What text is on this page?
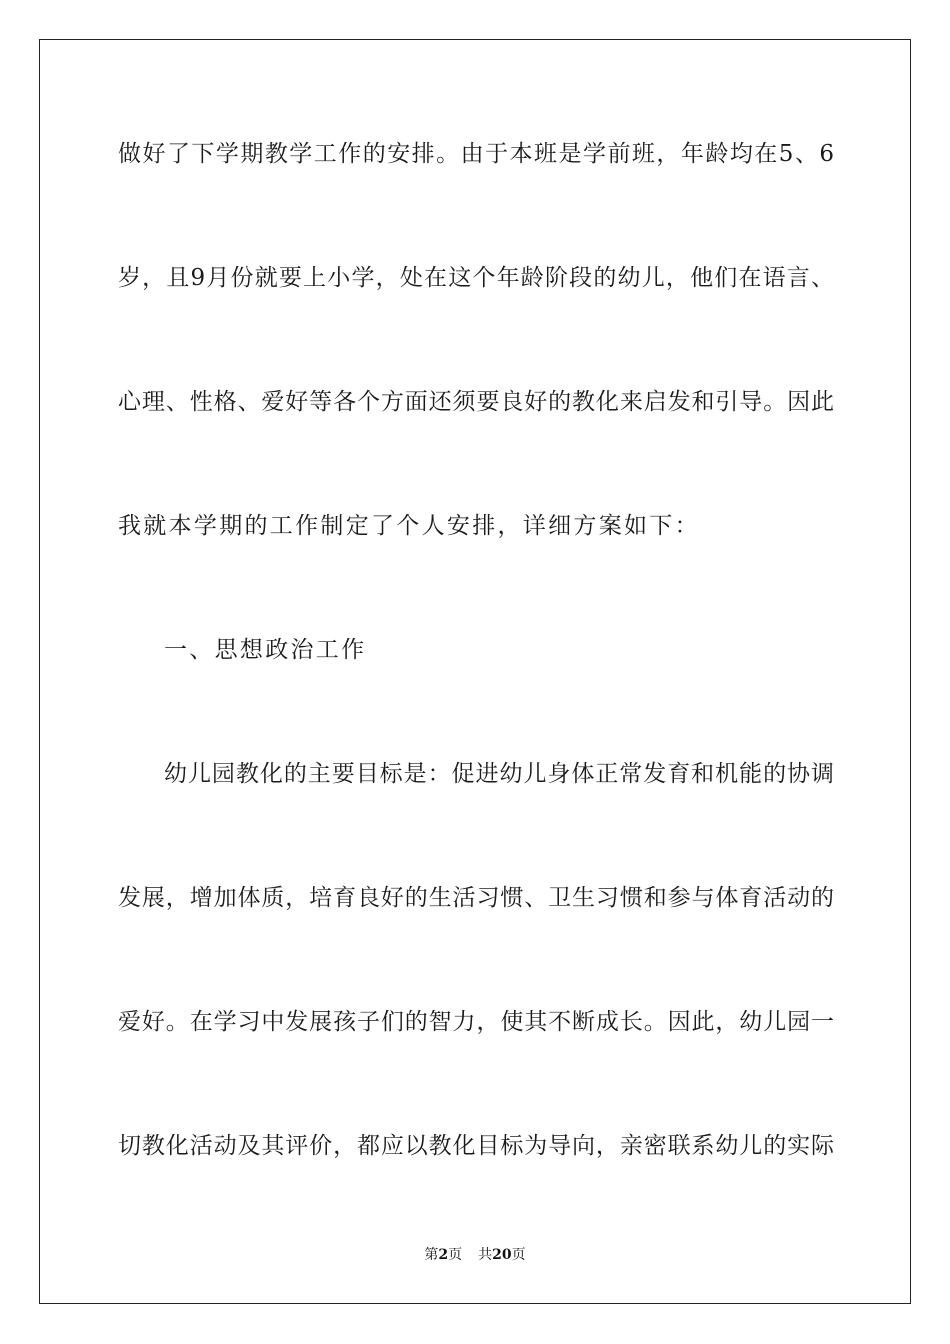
做好了下学期教学工作的安排。由于本班是学前班，年龄均在5、6
岁，且9月份就要上小学，处在这个年龄阶段的幼儿，他们在语言、
心理、性格、爱好等各个方面还须要良好的教化来启发和引导。因此
我就本学期的工作制定了个人安排，详细方案如下：
一、思想政治工作
幼儿园教化的主要目标是：促进幼儿身体正常发育和机能的协调
发展，增加体质，培育良好的生活习惯、卫生习惯和参与体育活动的
爱好。在学习中发展孩子们的智力，使其不断成长。因此，幼儿园一
切教化活动及其评价，都应以教化目标为导向，亲密联系幼儿的实际
第2页 共20页
